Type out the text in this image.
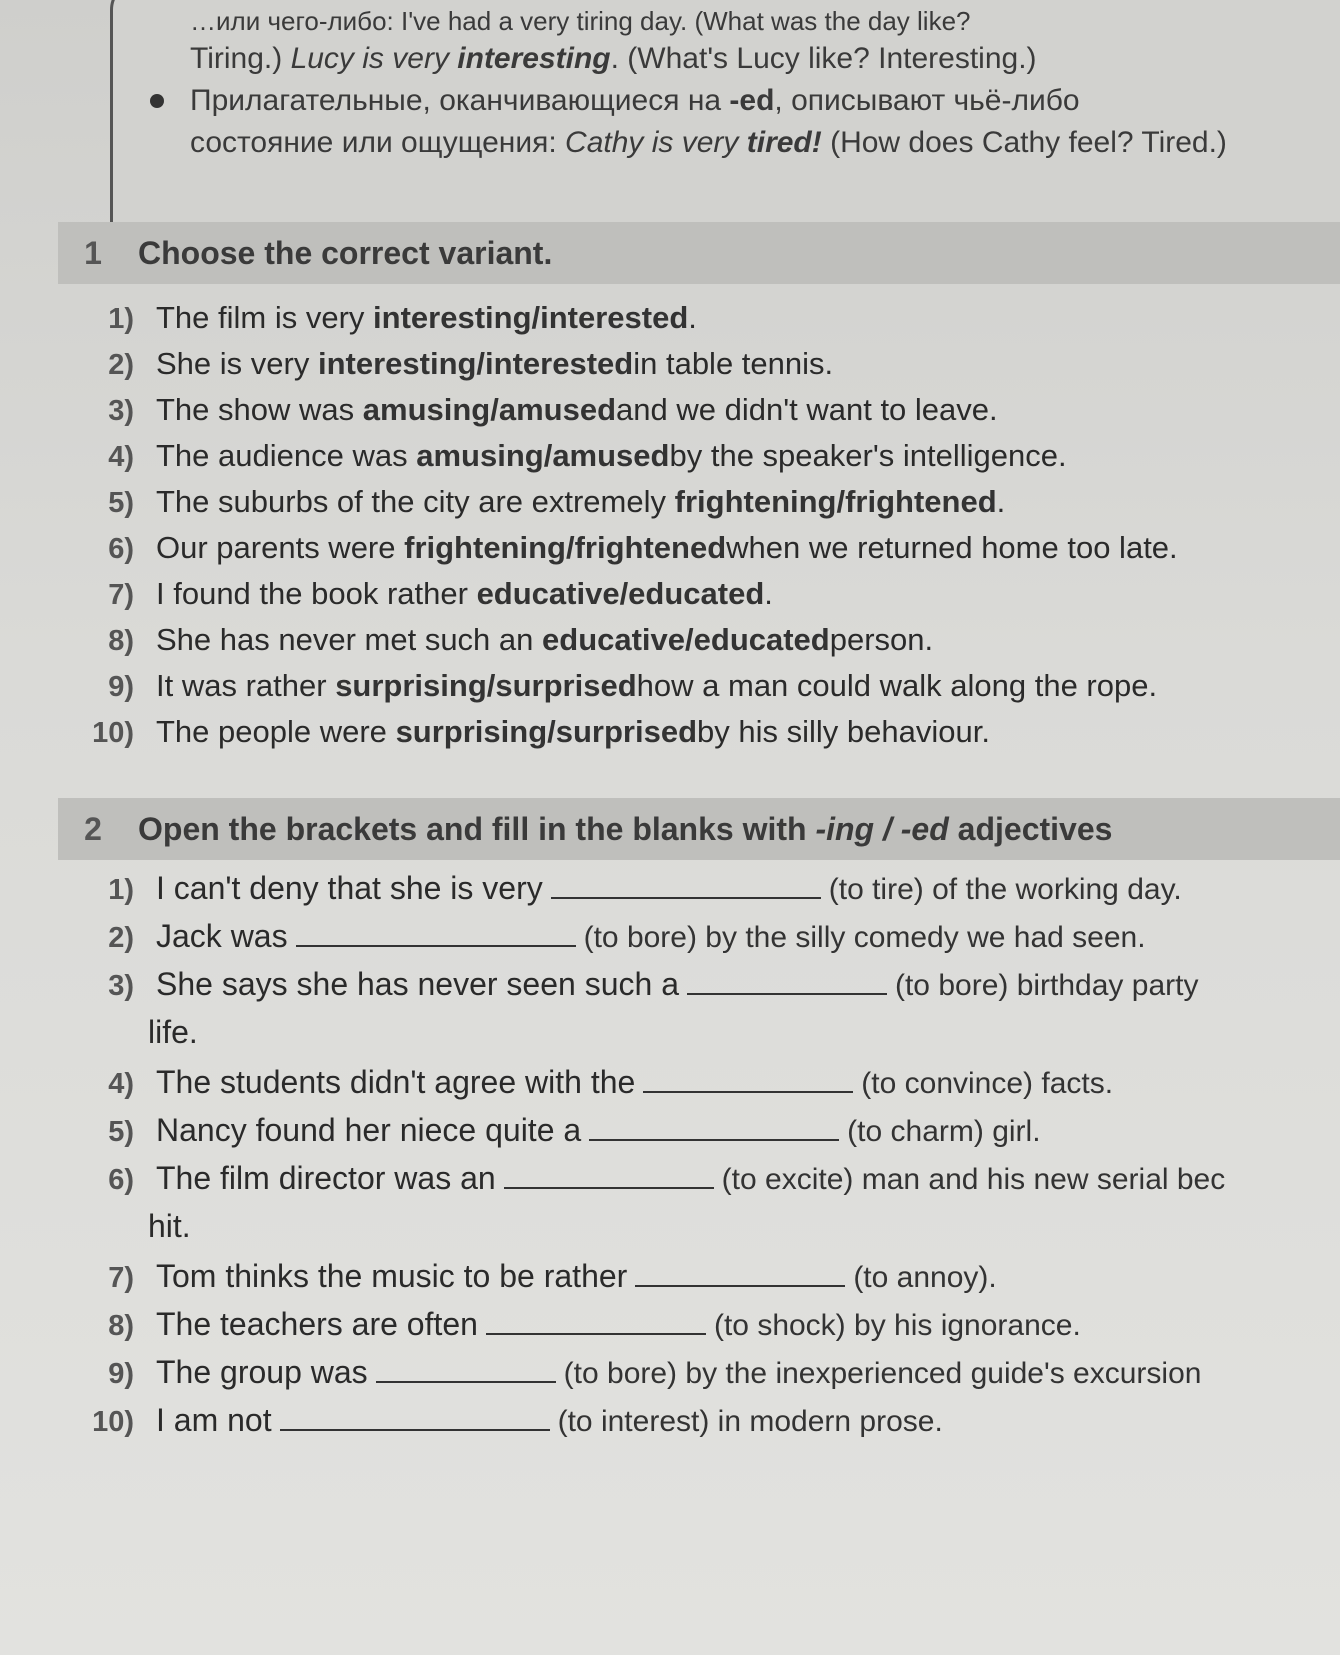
…или чего-либо: I've had a very tiring day. (What was the day like?

Tiring.) Lucy is very interesting. (What's Lucy like? Interesting.)

Прилагательные, оканчивающиеся на -ed, описывают чьё-либо

состояние или ощущения: Cathy is very tired! (How does Cathy feel? Tired.)

1	Choose the correct variant.
1) The film is very
interesting/interested .
2) She is very
interesting/interested in table tennis.
3) The show was
amusing/amused and we didn't want to leave.
4) The audience was
amusing/amused by the speaker's intelligence.
5) The suburbs of the city are extremely
frightening/frightened .
6) Our parents were
frightening/frightened when we returned home too late.
7) I found the book rather
educative/educated .
8) She has never met such an
educative/educated person.
9) It was rather
surprising/surprised how a man could walk along the rope.
10) The people were
surprising/surprised by his silly behaviour.
2	Open the brackets and fill in the blanks with -ing / -ed adjectives
1) I can't deny that she is very	(to tire) of the working day.
2) Jack was	(to bore) by the silly comedy we had seen.
3) She says she has never seen such a	(to bore) birthday party
life.
4) The students didn't agree with the	(to convince) facts.
5) Nancy found her niece quite a	(to charm) girl.
6) The film director was an	(to excite) man and his new serial bec
hit.
7) Tom thinks the music to be rather	(to annoy).
8) The teachers are often	(to shock) by his ignorance.
9) The group was	(to bore) by the inexperienced guide's excursion
10) I am not	(to interest) in modern prose.
